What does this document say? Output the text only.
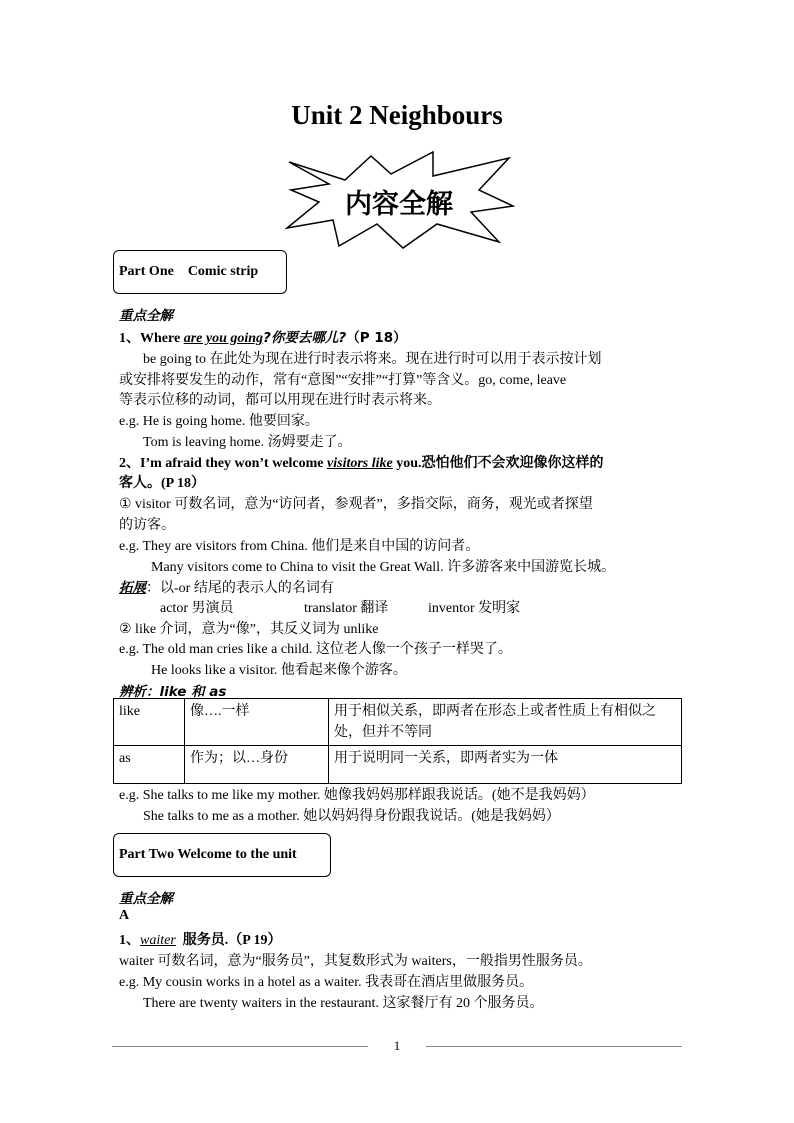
Unit 2 Neighbours
内容全解
Part One    Comic strip
重点全解
1、Where are you going?你要去哪儿?（P 18）
be going to 在此处为现在进行时表示将来。现在进行时可以用于表示按计划
或安排将要发生的动作，常有“意图”“安排”“打算”等含义。go, come, leave
等表示位移的动词，都可以用现在进行时表示将来。
e.g. He is going home. 他要回家。
Tom is leaving home. 汤姆要走了。
2、I’m afraid they won’t welcome visitors like you.恐怕他们不会欢迎像你这样的
客人。(P 18）
① visitor 可数名词，意为“访问者，参观者”，多指交际，商务，观光或者探望
的访客。
e.g. They are visitors from China. 他们是来自中国的访问者。
Many visitors come to China to visit the Great Wall. 许多游客来中国游览长城。
拓展：以-or 结尾的表示人的名词有
actor 男演员	translator 翻译	inventor 发明家
② like 介词，意为“像”，其反义词为 unlike
e.g. The old man cries like a child. 这位老人像一个孩子一样哭了。
He looks like a visitor. 他看起来像个游客。
辨析：like 和 as
like	像….一样	用于相似关系，即两者在形态上或者性质上有相似之处，但并不等同
as	作为；以…身份	用于说明同一关系，即两者实为一体
e.g. She talks to me like my mother. 她像我妈妈那样跟我说话。(她不是我妈妈）
She talks to me as a mother. 她以妈妈得身份跟我说话。(她是我妈妈）
Part Two Welcome to the unit
重点全解
A
1、waiter  服务员.（P 19）
waiter 可数名词，意为“服务员”，其复数形式为 waiters，一般指男性服务员。
e.g. My cousin works in a hotel as a waiter. 我表哥在酒店里做服务员。
There are twenty waiters in the restaurant. 这家餐厅有 20 个服务员。
1
